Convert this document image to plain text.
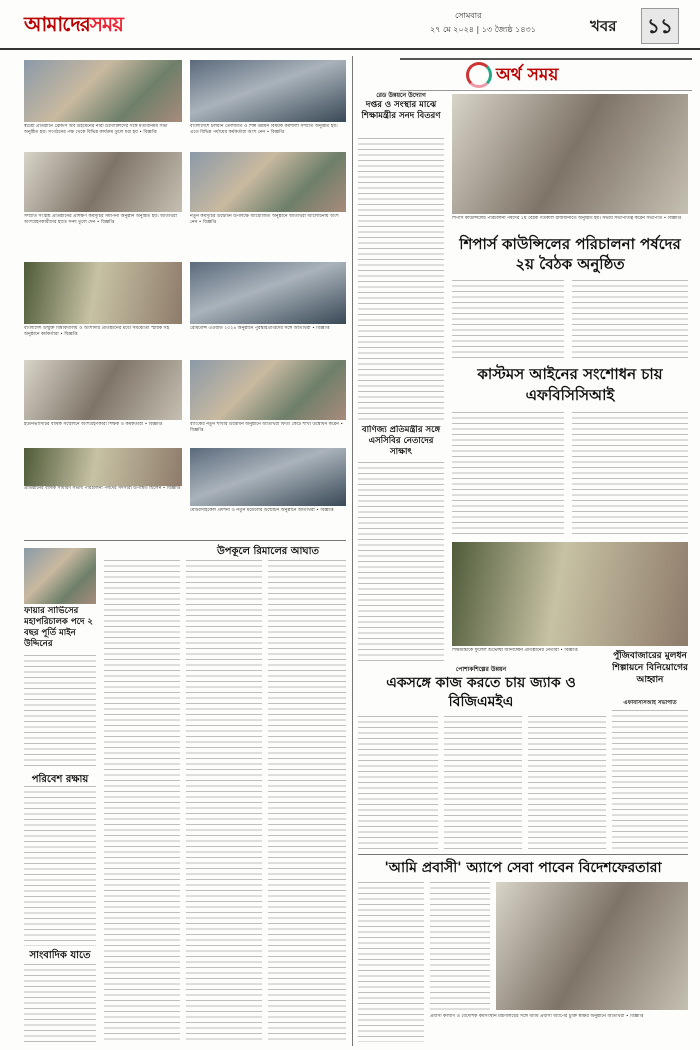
আমাদেরসময়	সোমবার
২৭ মে ২০২৪ | ১৩ জ্যৈষ্ঠ ১৪৩১	খবর	১১
স্বপ্নশ্রী প্রতিষ্ঠানে ফ্রেন্ডস অব উইমেনের নারী উদ্যোক্তাদের সঙ্গে মতবিনিময় সভা অনুষ্ঠিত হয়। সংগঠনের পক্ষ থেকে বিভিন্ন কার্যক্রম তুলে ধরা হয় • বিজ্ঞপ্তি
বাংলাদেশে চলমান তেলজাত ও শিল্প উন্নয়ন বিষয়ক কর্মশালা সম্প্রতি অনুষ্ঠিত হয়। এতে বিভিন্ন পর্যায়ের কর্মকর্তারা অংশ নেন • বিজ্ঞপ্তি
সম্প্রতি সংশ্লিষ্ট প্রতিষ্ঠানের প্রশিক্ষণ কর্মসূচির সমাপনী অনুষ্ঠান অনুষ্ঠিত হয়। অতিথিরা অংশগ্রহণকারীদের হাতে সনদ তুলে দেন • বিজ্ঞপ্তি
নতুন কর্মসূচির উদ্বোধন উপলক্ষে আয়োজিত অনুষ্ঠানে অতিথিরা আলোচনায় অংশ নেন • বিজ্ঞপ্তি
বাংলাদেশ উন্মুক্ত বিশ্ববিদ্যালয় ও অংশীদার প্রতিষ্ঠানের মধ্যে সমঝোতা স্মারক সই অনুষ্ঠানে কর্মকর্তারা • বিজ্ঞপ্তি
রেমিট্যান্স এওয়ার্ড ২০২৪ অনুষ্ঠানে পুরস্কারপ্রাপ্তদের সঙ্গে অতিথিরা • বিজ্ঞপ্তি
ইউনিভার্সিটির বার্ষিক সম্মেলনে অংশগ্রহণকারী শিক্ষক ও কর্মকর্তারা • বিজ্ঞপ্তি	ব্যাংকের নতুন শাখার উদ্বোধন অনুষ্ঠানে অতিথিরা ফিতা কেটে শাখা উদ্বোধন করেন • বিজ্ঞপ্তি
প্রতিষ্ঠানের বার্ষিক সাধারণ সভায় পরিচালনা পর্ষদের সদস্যরা উপস্থিত ছিলেন • বিজ্ঞপ্তি
মোটরসাইকেল প্রদর্শনী ও নতুন মডেলের উন্মোচন অনুষ্ঠানে অতিথিরা • বিজ্ঞপ্তি
উপকূলে রিমালের আঘাত
ফায়ার সার্ভিসের মহাপরিচালক পদে ২ বছর পূর্তি মাইন উদ্দিনের
পরিবেশ রক্ষায়
সাংবাদিক যাতে
রেড উন্নয়নে উদ্যোগ
দপ্তর ও সংস্থার মাঝে শিক্ষামন্ত্রীর সনদ বিতরণ
বাণিজ্য প্রতিমন্ত্রীর সঙ্গে এসসিবির নেতাদের সাক্ষাৎ
অর্থ সময়
শিপার্স কাউন্সিলের পরিচালনা পর্ষদের ২য় বৈঠক গতকাল রাজধানীতে অনুষ্ঠিত হয়। সভায় সভাপতিত্ব করেন সভাপতি • বিজ্ঞপ্তি
শিপার্স কাউন্সিলের পরিচালনা পর্ষদের ২য় বৈঠক অনুষ্ঠিত
কাস্টমস আইনের সংশোধন চায় এফবিসিসিআই
শিক্ষামন্ত্রীকে ফুলেল শুভেচ্ছা জানাচ্ছেন প্রতিষ্ঠানের নেতারা • বিজ্ঞপ্তি
পুঁজিবাজারের মুলধন শিল্পায়নে বিনিয়োগের আহ্বান
এফবিসিসিআই সভাপতি
পোশাকশিল্পের উন্নয়ন
একসঙ্গে কাজ করতে চায় জ্যাক ও বিজিএমইএ
'আমি প্রবাসী' অ্যাপে সেবা পাবেন বিদেশফেরতারা
প্রবাসী কল্যাণ ও বৈদেশিক কর্মসংস্থান মন্ত্রণালয়ের সঙ্গে আমি প্রবাসী অ্যাপের চুক্তি স্বাক্ষর অনুষ্ঠানে অতিথিরা • বিজ্ঞপ্তি
